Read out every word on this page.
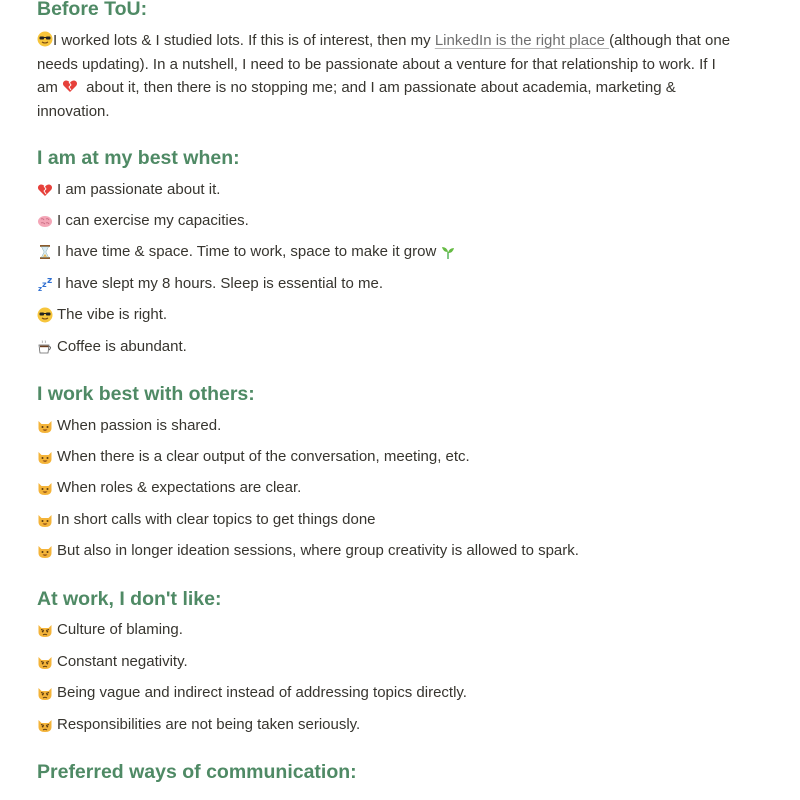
Before ToU:

I worked lots & I studied lots. If this is of interest, then my LinkedIn is the right place (although that one needs updating). In a nutshell, I need to be passionate about a venture for that relationship to work. If I am
about it, then there is no stopping me; and I am passionate about academia, marketing & innovation.

I am at my best when:
I am passionate about it.
I can exercise my capacities.
I have time & space. Time to work, space to make it grow
z z z I have slept my 8 hours. Sleep is essential to me.
The vibe is right.
Coffee is abundant.
I work best with others:
When passion is shared.
When there is a clear output of the conversation, meeting, etc.
When roles & expectations are clear.
In short calls with clear topics to get things done
But also in longer ideation sessions, where group creativity is allowed to spark.
At work, I don't like:
Culture of blaming.
Constant negativity.
Being vague and indirect instead of addressing topics directly.
Responsibilities are not being taken seriously.
Preferred ways of communication:
